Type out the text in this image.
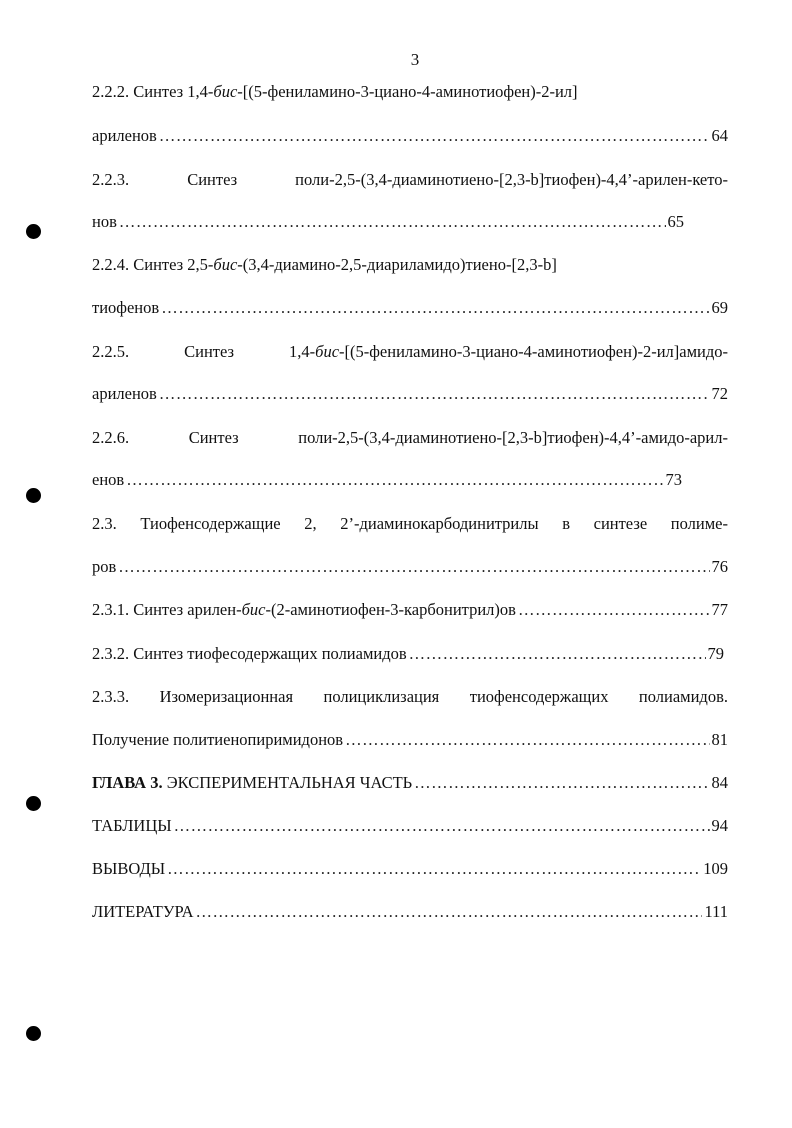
3
2.2.2. Синтез 1,4-бис-[(5-фениламино-3-циано-4-аминотиофен)-2-ил]
ариленов ………………………………………………………………………………………………………………………………………………………………………………………………	64
2.2.3. Синтез поли-2,5-(3,4-диаминотиено-[2,3-b]тиофен)-4,4’-арилен-кето-
нов ………………………………………………………………………………………………………………………………………………………………………………………………	65
2.2.4. Синтез 2,5-бис-(3,4-диамино-2,5-диариламидо)тиено-[2,3-b]
тиофенов ………………………………………………………………………………………………………………………………………………………………………………………………	69
2.2.5. Синтез 1,4-бис-[(5-фениламино-3-циано-4-аминотиофен)-2-ил]амидо-
ариленов ………………………………………………………………………………………………………………………………………………………………………………………………	72
2.2.6. Синтез поли-2,5-(3,4-диаминотиено-[2,3-b]тиофен)-4,4’-амидо-арил-
енов ………………………………………………………………………………………………………………………………………………………………………………………………	73
2.3. Тиофенсодержащие 2, 2’-диаминокарбодинитрилы в синтезе полиме-
ров ………………………………………………………………………………………………………………………………………………………………………………………………	76
2.3.1. Синтез арилен-бис-(2-аминотиофен-3-карбонитрил)ов ………………………………………………………………………………………………………………………………………………………………………………………………	77
2.3.2. Синтез тиофесодержащих полиамидов ………………………………………………………………………………………………………………………………………………………………………………………………	79
2.3.3. Изомеризационная полициклизация тиофенсодержащих полиамидов.
Получение политиенопиримидонов ………………………………………………………………………………………………………………………………………………………………………………………………	81
ГЛАВА 3. ЭКСПЕРИМЕНТАЛЬНАЯ ЧАСТЬ ………………………………………………………………………………………………………………………………………………………………………………………………	84
ТАБЛИЦЫ ………………………………………………………………………………………………………………………………………………………………………………………………	94
ВЫВОДЫ ………………………………………………………………………………………………………………………………………………………………………………………………	109
ЛИТЕРАТУРА ………………………………………………………………………………………………………………………………………………………………………………………………	111
